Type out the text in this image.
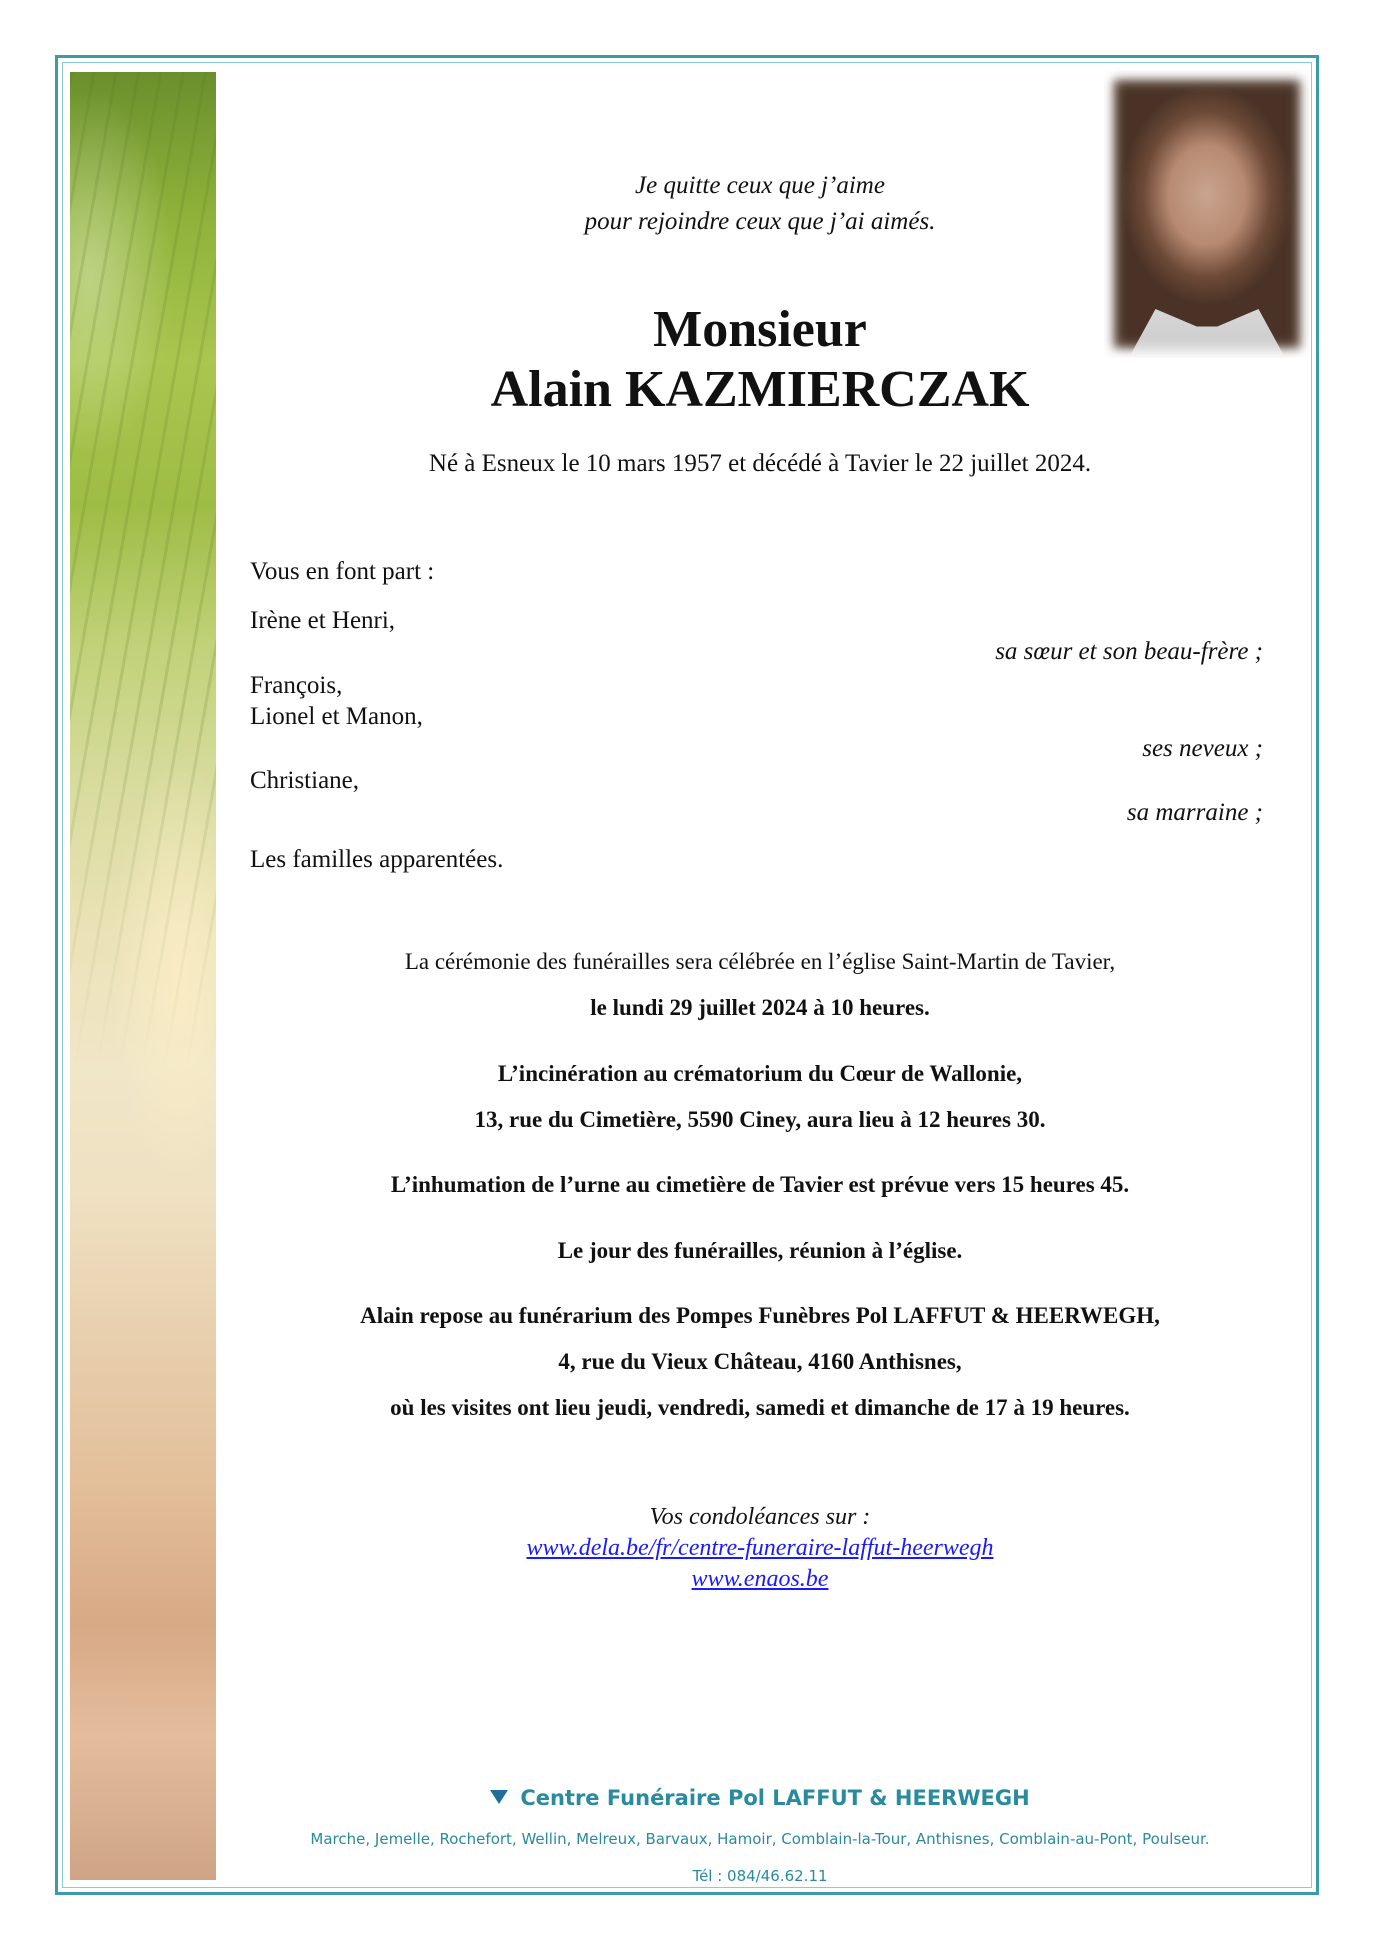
Je quitte ceux que j’aime
pour rejoindre ceux que j’ai aimés.
Monsieur
Alain KAZMIERCZAK
Né à Esneux le 10 mars 1957 et décédé à Tavier le 22 juillet 2024.
Vous en font part :
Irène et Henri,
sa sœur et son beau-frère ;
François,
Lionel et Manon,
ses neveux ;
Christiane,
sa marraine ;
Les familles apparentées.
La cérémonie des funérailles sera célébrée en l’église Saint-Martin de Tavier,
le lundi 29 juillet 2024 à 10 heures.
L’incinération au crématorium du Cœur de Wallonie,
13, rue du Cimetière, 5590 Ciney, aura lieu à 12 heures 30.
L’inhumation de l’urne au cimetière de Tavier est prévue vers 15 heures 45.
Le jour des funérailles, réunion à l’église.
Alain repose au funérarium des Pompes Funèbres Pol LAFFUT & HEERWEGH,
4, rue du Vieux Château, 4160 Anthisnes,
où les visites ont lieu jeudi, vendredi, samedi et dimanche de 17 à 19 heures.
Vos condoléances sur :
www.dela.be/fr/centre-funeraire-laffut-heerwegh
www.enaos.be
Centre Funéraire Pol LAFFUT & HEERWEGH
Marche, Jemelle, Rochefort, Wellin, Melreux, Barvaux, Hamoir, Comblain-la-Tour, Anthisnes, Comblain-au-Pont, Poulseur.
Tél : 084/46.62.11
